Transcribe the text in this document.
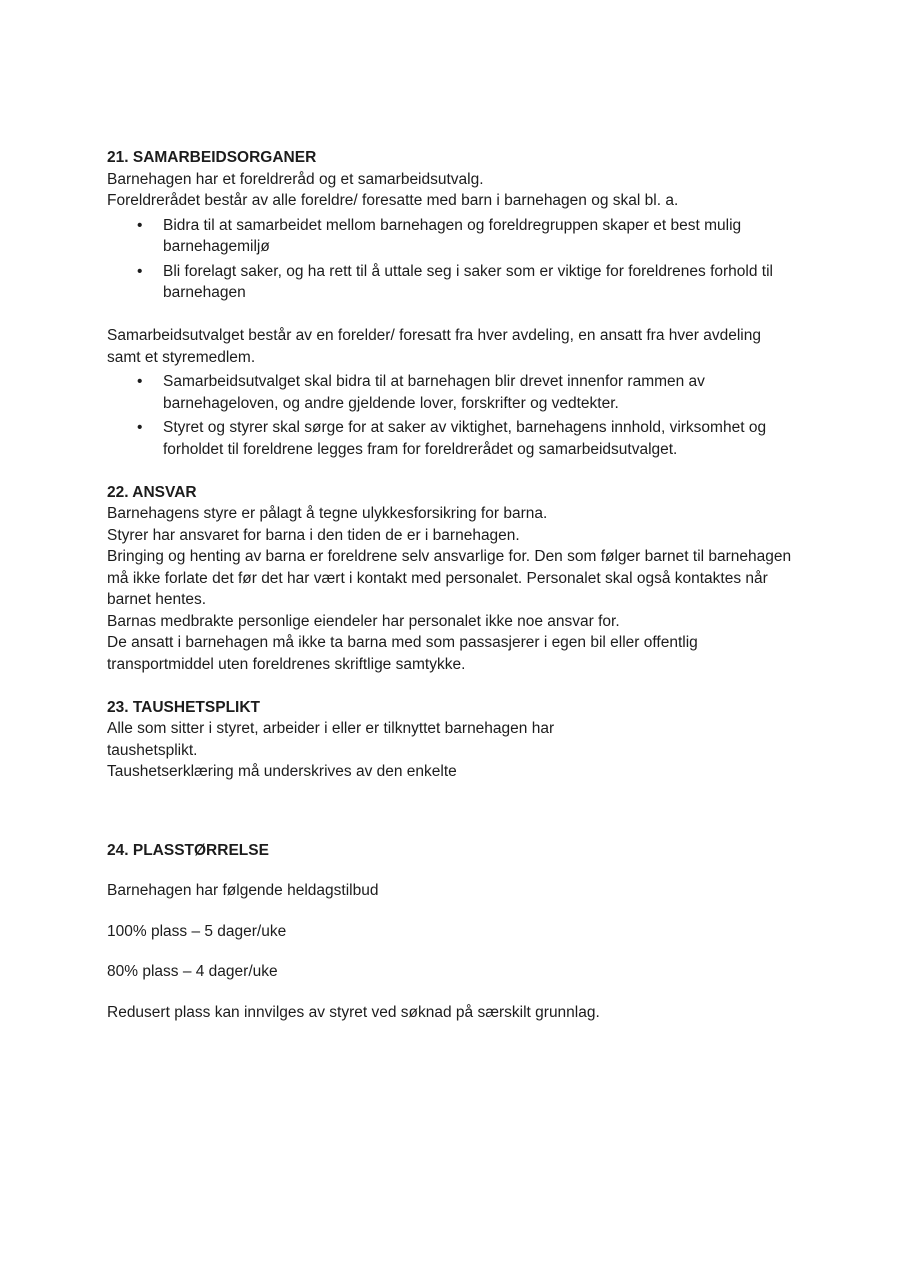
21. SAMARBEIDSORGANER

Barnehagen har et foreldreråd og et samarbeidsutvalg.

Foreldrerådet består av alle foreldre/ foresatte med barn i barnehagen og skal bl. a.

•	Bidra til at samarbeidet mellom barnehagen og foreldregruppen skaper et best mulig barnehagemiljø
•	Bli forelagt saker, og ha rett til å uttale seg i saker som er viktige for foreldrenes forhold til barnehagen

Samarbeidsutvalget består av en forelder/ foresatt fra hver avdeling, en ansatt fra hver avdeling samt et styremedlem.

•	Samarbeidsutvalget skal bidra til at barnehagen blir drevet innenfor rammen av barnehageloven, og andre gjeldende lover, forskrifter og vedtekter.
•	Styret og styrer skal sørge for at saker av viktighet, barnehagens innhold, virksomhet og forholdet til foreldrene legges fram for foreldrerådet og samarbeidsutvalget.
22. ANSVAR

Barnehagens styre er pålagt å tegne ulykkesforsikring for barna.

Styrer har ansvaret for barna i den tiden de er i barnehagen.

Bringing og henting av barna er foreldrene selv ansvarlige for. Den som følger barnet til barnehagen må ikke forlate det før det har vært i kontakt med personalet. Personalet skal også kontaktes når barnet hentes.

Barnas medbrakte personlige eiendeler har personalet ikke noe ansvar for.

De ansatt i barnehagen må ikke ta barna med som passasjerer i egen bil eller offentlig transportmiddel uten foreldrenes skriftlige samtykke.

23. TAUSHETSPLIKT

Alle som sitter i styret, arbeider i eller er tilknyttet barnehagen har

taushetsplikt.

Taushetserklæring må underskrives av den enkelte

24. PLASSTØRRELSE

Barnehagen har følgende heldagstilbud

100% plass – 5 dager/uke

80% plass – 4 dager/uke

Redusert plass kan innvilges av styret ved søknad på særskilt grunnlag.
